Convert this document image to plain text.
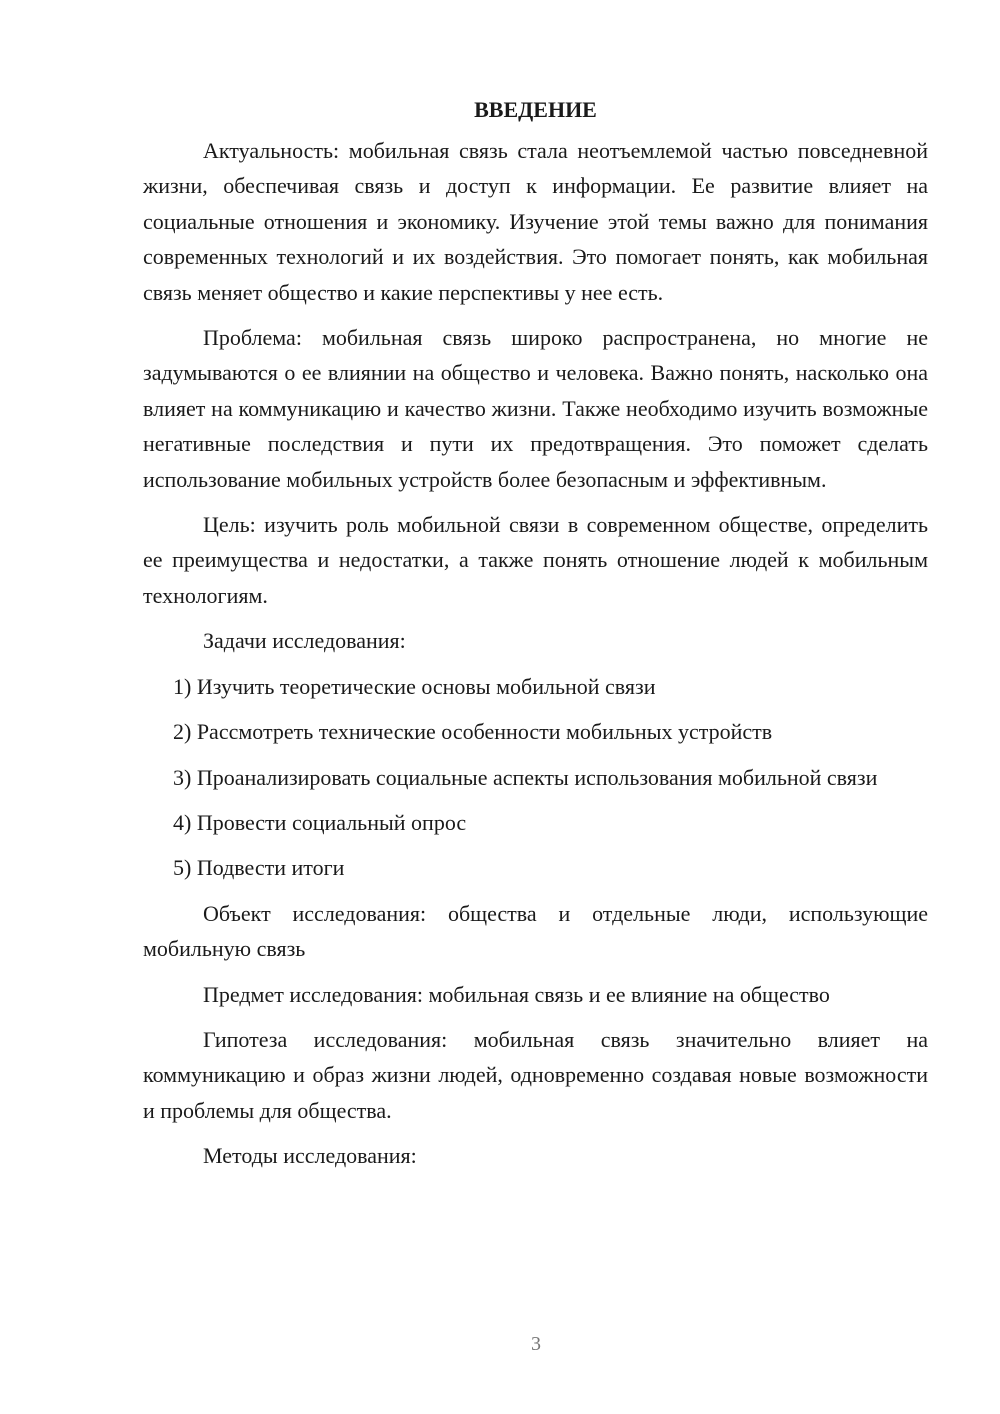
ВВЕДЕНИЕ

Актуальность: мобильная связь стала неотъемлемой частью повседневной жизни, обеспечивая связь и доступ к информации. Ее развитие влияет на социальные отношения и экономику. Изучение этой темы важно для понимания современных технологий и их воздействия. Это помогает понять, как мобильная связь меняет общество и какие перспективы у нее есть.

Проблема: мобильная связь широко распространена, но многие не задумываются о ее влиянии на общество и человека. Важно понять, насколько она влияет на коммуникацию и качество жизни. Также необходимо изучить возможные негативные последствия и пути их предотвращения. Это поможет сделать использование мобильных устройств более безопасным и эффективным.

Цель: изучить роль мобильной связи в современном обществе, определить ее преимущества и недостатки, а также понять отношение людей к мобильным технологиям.

Задачи исследования:

1) Изучить теоретические основы мобильной связи

2) Рассмотреть технические особенности мобильных устройств

3) Проанализировать социальные аспекты использования мобильной связи

4) Провести социальный опрос

5) Подвести итоги

Объект исследования: общества и отдельные люди, использующие мобильную связь

Предмет исследования: мобильная связь и ее влияние на общество

Гипотеза исследования: мобильная связь значительно влияет на коммуникацию и образ жизни людей, одновременно создавая новые возможности и проблемы для общества.

Методы исследования:

3
